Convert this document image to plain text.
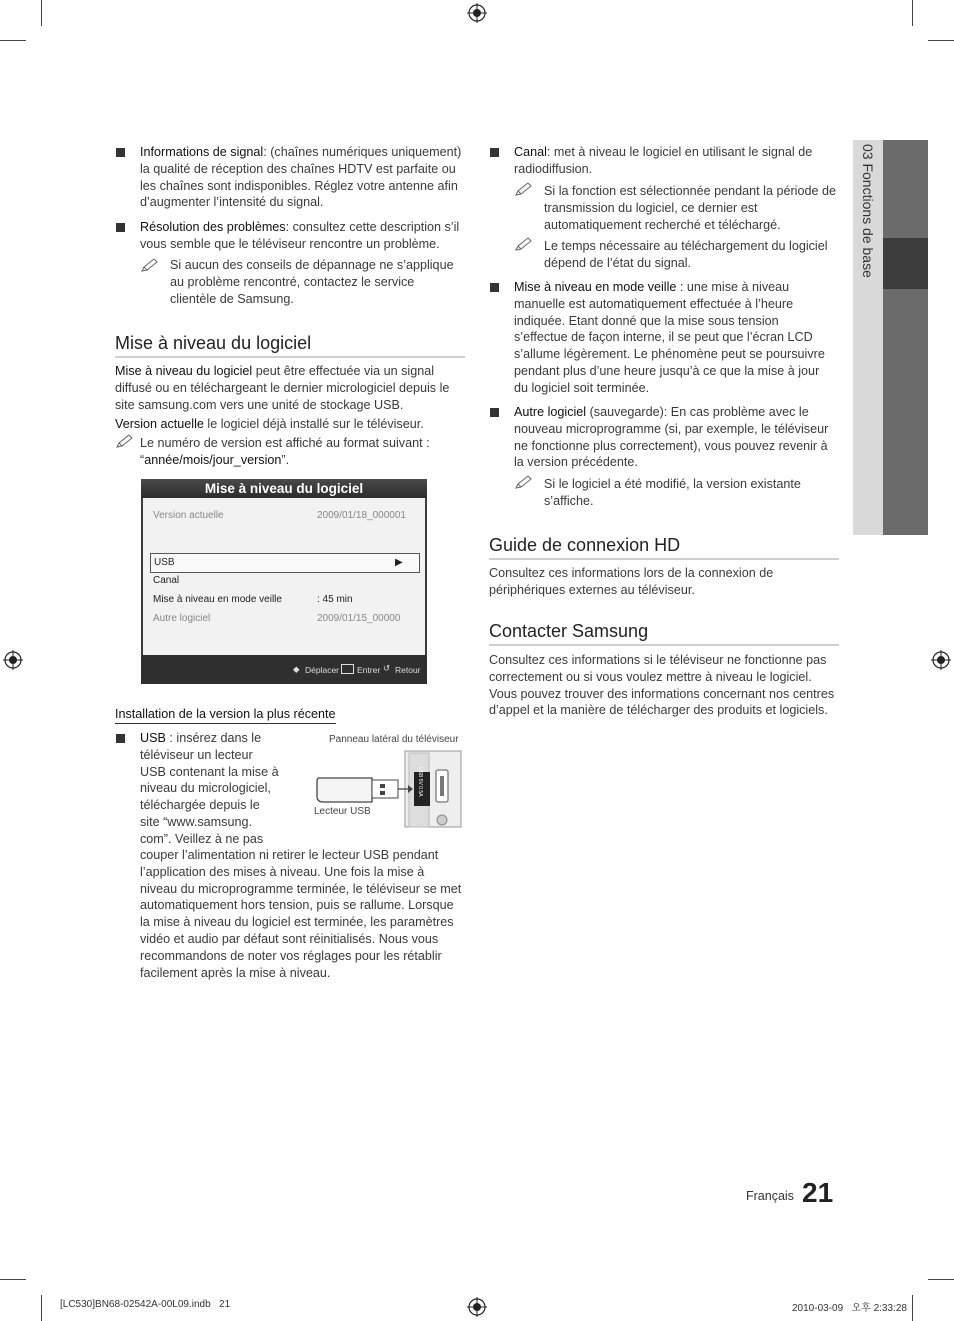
03 Fonctions de base
Informations de signal: (chaînes numériques uniquement) la qualité de réception des chaînes HDTV est parfaite ou les chaînes sont indisponibles. Réglez votre antenne afin d’augmenter l’intensité du signal.
Résolution des problèmes: consultez cette description s’il vous semble que le téléviseur rencontre un problème.
Si aucun des conseils de dépannage ne s’applique au problème rencontré, contactez le service clientèle de Samsung.
Mise à niveau du logiciel
Mise à niveau du logiciel peut être effectuée via un signal diffusé ou en téléchargeant le dernier micrologiciel depuis le site samsung.com vers une unité de stockage USB.
Version actuelle le logiciel déjà installé sur le téléviseur.
Le numéro de version est affiché au format suivant : “année/mois/jour_version”.
Mise à niveau du logiciel
Version actuelle	2009/01/18_000001
USB	▶
Canal
Mise à niveau en mode veille	: 45 min
Autre logiciel	2009/01/15_00000
◆ Déplacer Entrer ↺ Retour
Installation de la version la plus récente
USB : insérez dans le
téléviseur un lecteur
USB contenant la mise à
niveau du micrologiciel,
téléchargée depuis le
site “www.samsung.
com”. Veillez à ne pas
couper l’alimentation ni retirer le lecteur USB pendant l’application des mises à niveau. Une fois la mise à niveau du microprogramme terminée, le téléviseur se met automatiquement hors tension, puis se rallume. Lorsque la mise à niveau du logiciel est terminée, les paramètres vidéo et audio par défaut sont réinitialisés. Nous vous recommandons de noter vos réglages pour les rétablir facilement après la mise à niveau.
Panneau latéral du téléviseur
Lecteur USB
USB 5V 0.5A
Canal: met à niveau le logiciel en utilisant le signal de radiodiffusion.
Si la fonction est sélectionnée pendant la période de transmission du logiciel, ce dernier est automatiquement recherché et téléchargé.
Le temps nécessaire au téléchargement du logiciel dépend de l’état du signal.
Mise à niveau en mode veille : une mise à niveau manuelle est automatiquement effectuée à l’heure indiquée. Etant donné que la mise sous tension s’effectue de façon interne, il se peut que l’écran LCD s’allume légèrement. Le phénomène peut se poursuivre pendant plus d’une heure jusqu’à ce que la mise à jour du logiciel soit terminée.
Autre logiciel (sauvegarde): En cas problème avec le nouveau microprogramme (si, par exemple, le téléviseur ne fonctionne plus correctement), vous pouvez revenir à la version précédente.
Si le logiciel a été modifié, la version existante s’affiche.
Guide de connexion HD
Consultez ces informations lors de la connexion de périphériques externes au téléviseur.
Contacter Samsung
Consultez ces informations si le téléviseur ne fonctionne pas correctement ou si vous voulez mettre à niveau le logiciel. Vous pouvez trouver des informations concernant nos centres d’appel et la manière de télécharger des produits et logiciels.
Français 21
[LC530]BN68-02542A-00L09.indb   21	2010-03-09   오후 2:33:28
